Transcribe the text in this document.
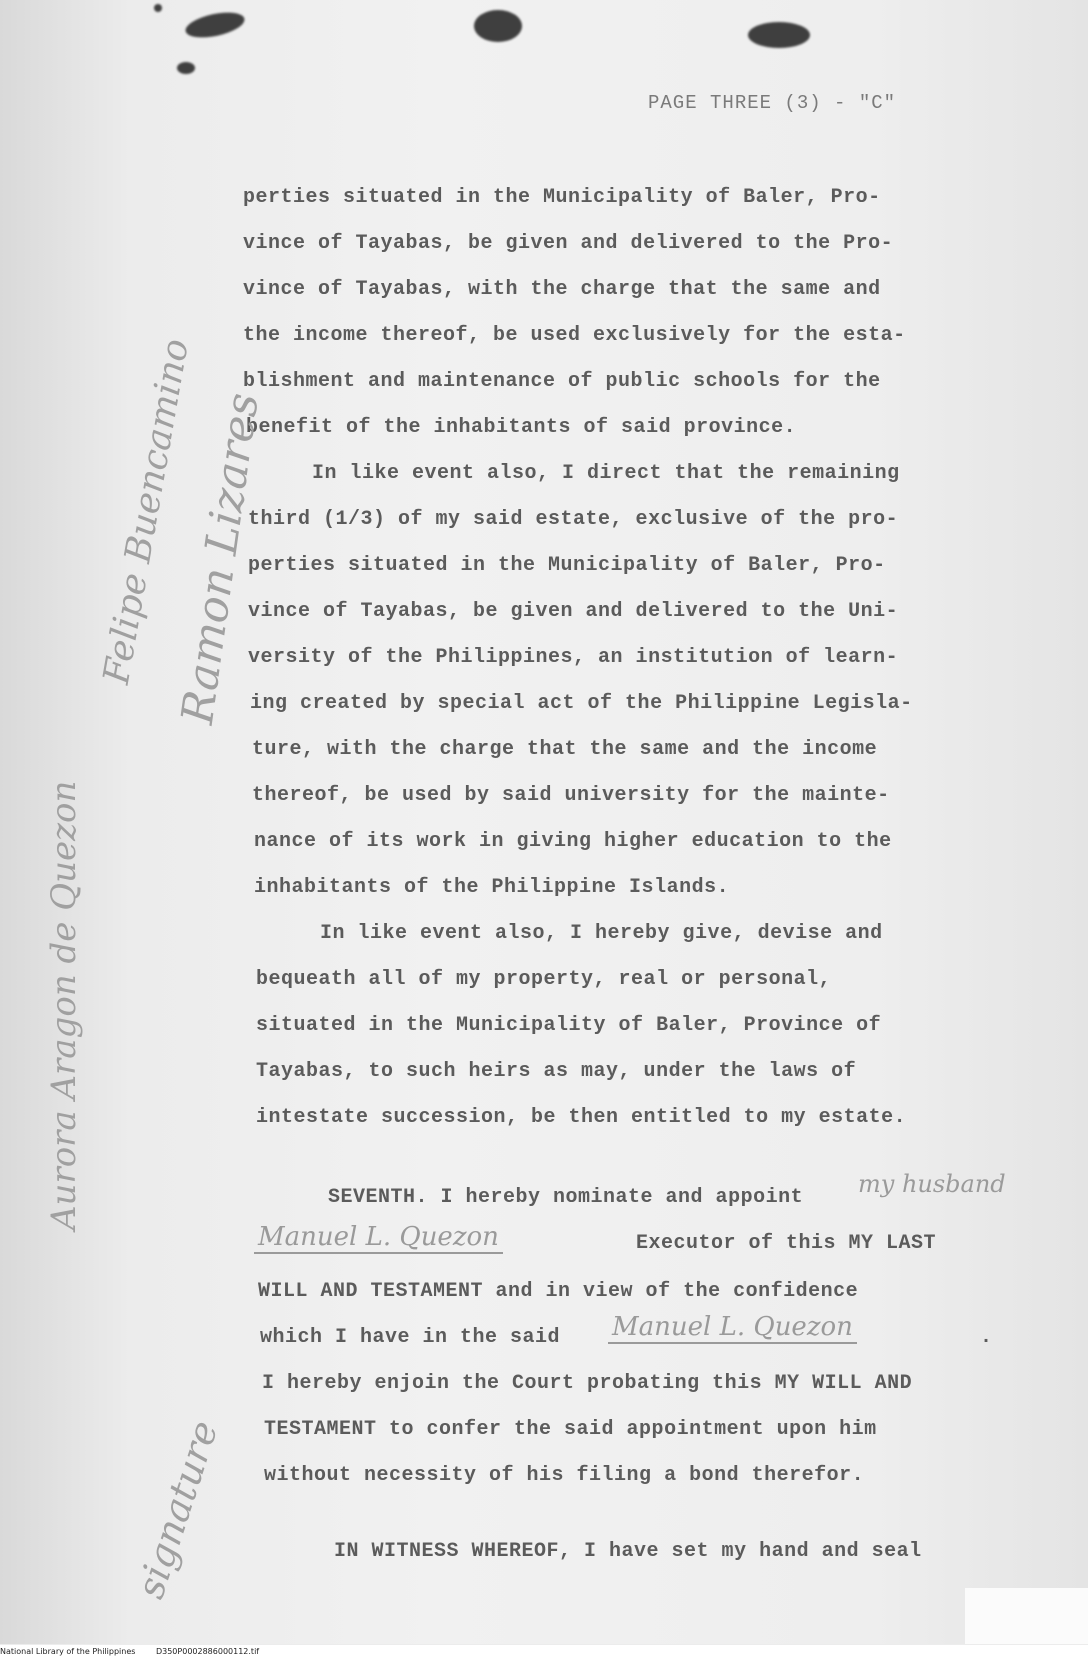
PAGE THREE (3) - "C"
perties situated in the Municipality of Baler, Pro-
vince of Tayabas, be given and delivered to the Pro-
vince of Tayabas, with the charge that the same and
the income thereof, be used exclusively for the esta-
blishment and maintenance of public schools for the
benefit of the inhabitants of said province.
In like event also, I direct that the remaining
third (1/3) of my said estate, exclusive of the pro-
perties situated in the Municipality of Baler, Pro-
vince of Tayabas, be given and delivered to the Uni-
versity of the Philippines, an institution of learn-
ing created by special act of the Philippine Legisla-
ture, with the charge that the same and the income
thereof, be used by said university for the mainte-
nance of its work in giving higher education to the
inhabitants of the Philippine Islands.
In like event also, I hereby give, devise and
bequeath all of my property, real or personal,
situated in the Municipality of Baler, Province of
Tayabas, to such heirs as may, under the laws of
intestate succession, be then entitled to my estate.
SEVENTH. I hereby nominate and appoint my husband
Manuel L. Quezon	Executor of this MY LAST
WILL AND TESTAMENT and in view of the confidence
which I have in the said Manuel L. Quezon	.
I hereby enjoin the Court probating this MY WILL AND
TESTAMENT to confer the said appointment upon him
without necessity of his filing a bond therefor.
IN WITNESS WHEREOF, I have set my hand and seal
Aurora Aragon de Quezon
Ramon Lizares
Felipe Buencamino
signature
National Library of the Philippines	D350P0002886000112.tif
